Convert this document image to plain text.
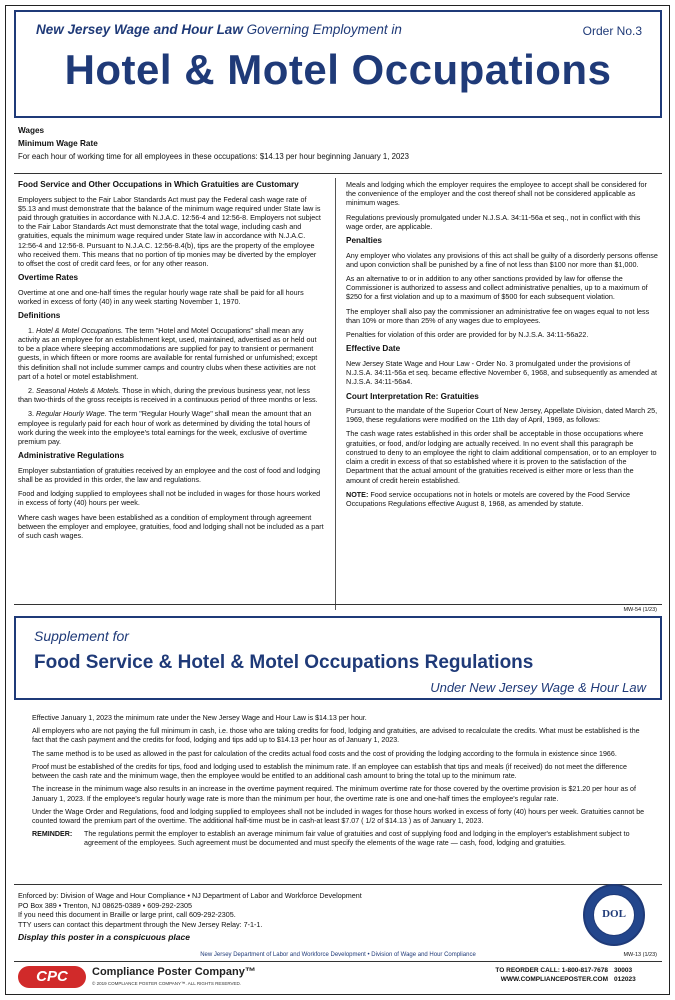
New Jersey Wage and Hour Law Governing Employment in	Order No.3
Hotel & Motel Occupations
Wages
Minimum Wage Rate

For each hour of working time for all employees in these occupations: $14.13 per hour beginning January 1, 2023

Food Service and Other Occupations in Which Gratuities are Customary

Employers subject to the Fair Labor Standards Act must pay the Federal cash wage rate of $5.13 and must demonstrate that the balance of the minimum wage required under State law is paid through gratuities in accordance with N.J.A.C. 12:56-4 and 12:56-8. Employers not subject to the Fair Labor Standards Act must demonstrate that the total wage, including cash and gratuities, equals the minimum wage required under State law in accordance with N.J.A.C. 12:56-4 and 12:56-8. Pursuant to N.J.A.C. 12:56-8.4(b), tips are the property of the employee who received them. This means that no portion of tip monies may be diverted by the employer to offset the cost of credit card fees, or for any other reason.

Overtime Rates

Overtime at one and one-half times the regular hourly wage rate shall be paid for all hours worked in excess of forty (40) in any week starting November 1, 1970.

Definitions

1. Hotel & Motel Occupations. The term "Hotel and Motel Occupations" shall mean any activity as an employee for an establishment kept, used, maintained, advertised as or held out to be a place where sleeping accommodations are supplied for pay to transient or permanent guests, in which fifteen or more rooms are available for rental furnished or unfurnished; except this definition shall not include summer camps and country clubs when these activities are not part of a hotel or motel establishment.

2. Seasonal Hotels & Motels. Those in which, during the previous business year, not less than two-thirds of the gross receipts is received in a continuous period of three months or less.

3. Regular Hourly Wage. The term "Regular Hourly Wage" shall mean the amount that an employee is regularly paid for each hour of work as determined by dividing the total hours of work during the week into the employee's total earnings for the week, exclusive of overtime premium pay.

Administrative Regulations

Employer substantiation of gratuities received by an employee and the cost of food and lodging shall be as provided in this order, the law and regulations.

Food and lodging supplied to employees shall not be included in wages for those hours worked in excess of forty (40) hours per week.

Where cash wages have been established as a condition of employment through agreement between the employer and employee, gratuities, food and lodging shall not be included as a part of such cash wages.

Meals and lodging which the employer requires the employee to accept shall be considered for the convenience of the employer and the cost thereof shall not be considered applicable as minimum wages.

Regulations previously promulgated under N.J.S.A. 34:11-56a et seq., not in conflict with this wage order, are applicable.

Penalties

Any employer who violates any provisions of this act shall be guilty of a disorderly persons offense and upon conviction shall be punished by a fine of not less than $100 nor more than $1,000.

As an alternative to or in addition to any other sanctions provided by law for offense the Commissioner is authorized to assess and collect administrative penalties, up to a maximum of $250 for a first violation and up to a maximum of $500 for each subsequent violation.

The employer shall also pay the commissioner an administrative fee on wages equal to not less than 10% or more than 25% of any wages due to employees.

Penalties for violation of this order are provided for by N.J.S.A. 34:11-56a22.

Effective Date

New Jersey State Wage and Hour Law - Order No. 3 promulgated under the provisions of N.J.S.A. 34:11-56a et seq. became effective November 6, 1968, and subsequently as amended at N.J.S.A. 34:11-56a4.

Court Interpretation Re: Gratuities

Pursuant to the mandate of the Superior Court of New Jersey, Appellate Division, dated March 25, 1969, these regulations were modified on the 11th day of April, 1969, as follows:

The cash wage rates established in this order shall be acceptable in those occupations where gratuities, or food, and/or lodging are actually received. In no event shall this paragraph be construed to deny to an employee the right to claim additional compensation, or to an employer to claim a credit in excess of that so established where it is proven to the satisfaction of the Department that the actual amount of the gratuities received is either more or less than the amount of credit herein established.

NOTE: Food service occupations not in hotels or motels are covered by the Food Service Occupations Regulations effective August 8, 1968, as amended by statute.

MW-54 (1/23)
Supplement for
Food Service & Hotel & Motel Occupations Regulations
Under New Jersey Wage & Hour Law

Effective January 1, 2023 the minimum rate under the New Jersey Wage and Hour Law is $14.13 per hour.

All employers who are not paying the full minimum in cash, i.e. those who are taking credits for food, lodging and gratuities, are advised to recalculate the credits. What must be established is the fact that the cash payment and the credits for food, lodging and tips add up to $14.13 per hour as of January 1, 2023.

The same method is to be used as allowed in the past for calculation of the credits actual food costs and the cost of providing the lodging according to the formula in existence since 1966.

Proof must be established of the credits for tips, food and lodging used to establish the minimum rate. If an employee can establish that tips and meals (if received) do not meet the difference between the cash rate and the minimum wage, then the employee would be entitled to an additional cash amount to bring the total up to the minimum rate.

The increase in the minimum wage also results in an increase in the overtime payment required. The minimum overtime rate for those covered by the overtime provision is $21.20 per hour as of January 1, 2023. If the employee's regular hourly wage rate is more than the minimum per hour, the overtime rate is one and one-half times the employee's regular rate.

Under the Wage Order and Regulations, food and lodging supplied to employees shall not be included in wages for those hours worked in excess of forty (40) hours per week. Gratuities cannot be counted toward the premium part of the overtime. The additional half-time must be in cash-at least $7.07 ( 1/2 of $14.13 ) as of January 1, 2023.

REMINDER:	The regulations permit the employer to establish an average minimum fair value of gratuities and cost of supplying food and lodging in the employer's establishment subject to agreement of the employees. Such agreement must be documented and must specify the elements of the wage rate — cash, food, lodging and gratuities.
Enforced by: Division of Wage and Hour Compliance • NJ Department of Labor and Workforce Development
PO Box 389 • Trenton, NJ 08625-0389 • 609-292-2305
If you need this document in Braille or large print, call 609-292-2305.
TTY users can contact this department through the New Jersey Relay: 7-1-1.
Display this poster in a conspicuous place
DOL
New Jersey Department of Labor and Workforce Development • Division of Wage and Hour Compliance	MW-13 (1/23)
CPC	Compliance Poster Company™
© 2019 COMPLIANCE POSTER COMPANY™. ALL RIGHTS RESERVED.
TO REORDER CALL: 1-800-817-7678
WWW.COMPLIANCEPOSTER.COM
30003
012023
